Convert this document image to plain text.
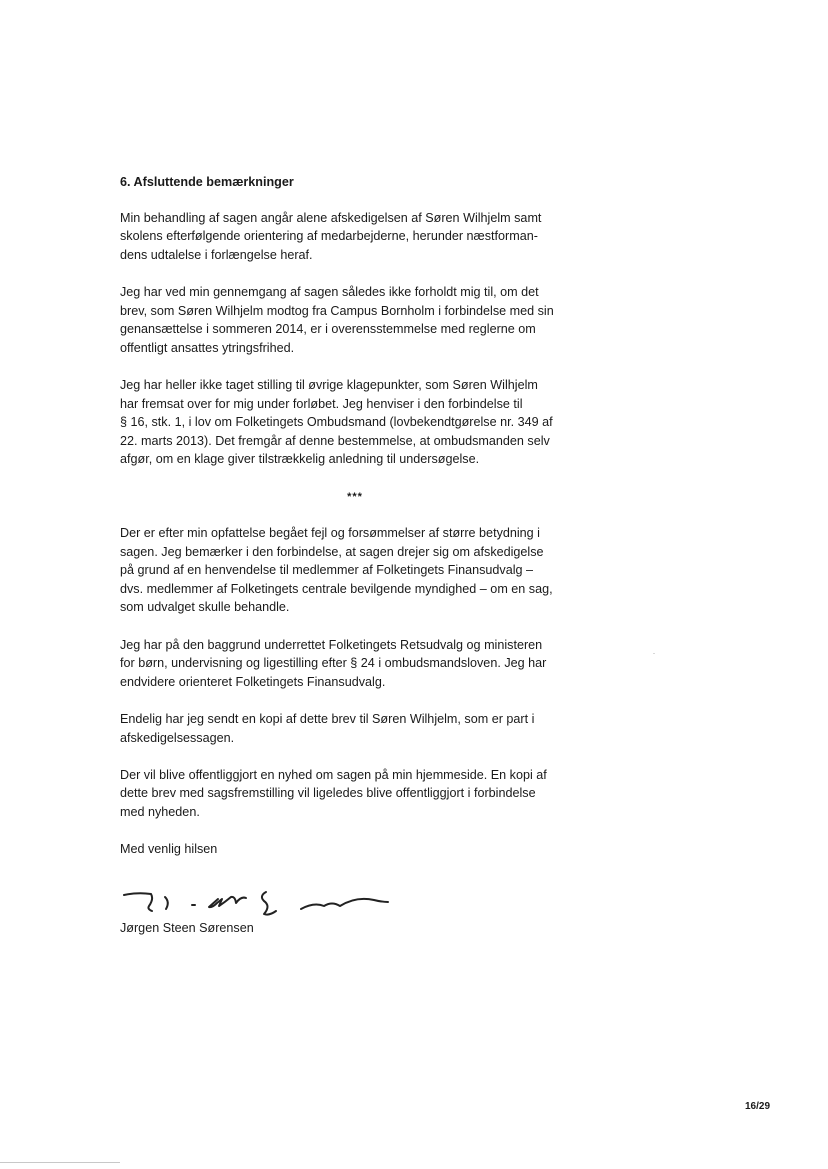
6. Afsluttende bemærkninger
Min behandling af sagen angår alene afskedigelsen af Søren Wilhjelm samt
skolens efterfølgende orientering af medarbejderne, herunder næstforman-
dens udtalelse i forlængelse heraf.
Jeg har ved min gennemgang af sagen således ikke forholdt mig til, om det
brev, som Søren Wilhjelm modtog fra Campus Bornholm i forbindelse med sin
genansættelse i sommeren 2014, er i overensstemmelse med reglerne om
offentligt ansattes ytringsfrihed.
Jeg har heller ikke taget stilling til øvrige klagepunkter, som Søren Wilhjelm
har fremsat over for mig under forløbet. Jeg henviser i den forbindelse til
§ 16, stk. 1, i lov om Folketingets Ombudsmand (lovbekendtgørelse nr. 349 af
22. marts 2013). Det fremgår af denne bestemmelse, at ombudsmanden selv
afgør, om en klage giver tilstrækkelig anledning til undersøgelse.
***
Der er efter min opfattelse begået fejl og forsømmelser af større betydning i
sagen. Jeg bemærker i den forbindelse, at sagen drejer sig om afskedigelse
på grund af en henvendelse til medlemmer af Folketingets Finansudvalg –
dvs. medlemmer af Folketingets centrale bevilgende myndighed – om en sag,
som udvalget skulle behandle.
Jeg har på den baggrund underrettet Folketingets Retsudvalg og ministeren
for børn, undervisning og ligestilling efter § 24 i ombudsmandsloven. Jeg har
endvidere orienteret Folketingets Finansudvalg.
Endelig har jeg sendt en kopi af dette brev til Søren Wilhjelm, som er part i
afskedigelsessagen.
Der vil blive offentliggjort en nyhed om sagen på min hjemmeside. En kopi af
dette brev med sagsfremstilling vil ligeledes blive offentliggjort i forbindelse
med nyheden.
Med venlig hilsen
Jørgen Steen Sørensen
16/29
